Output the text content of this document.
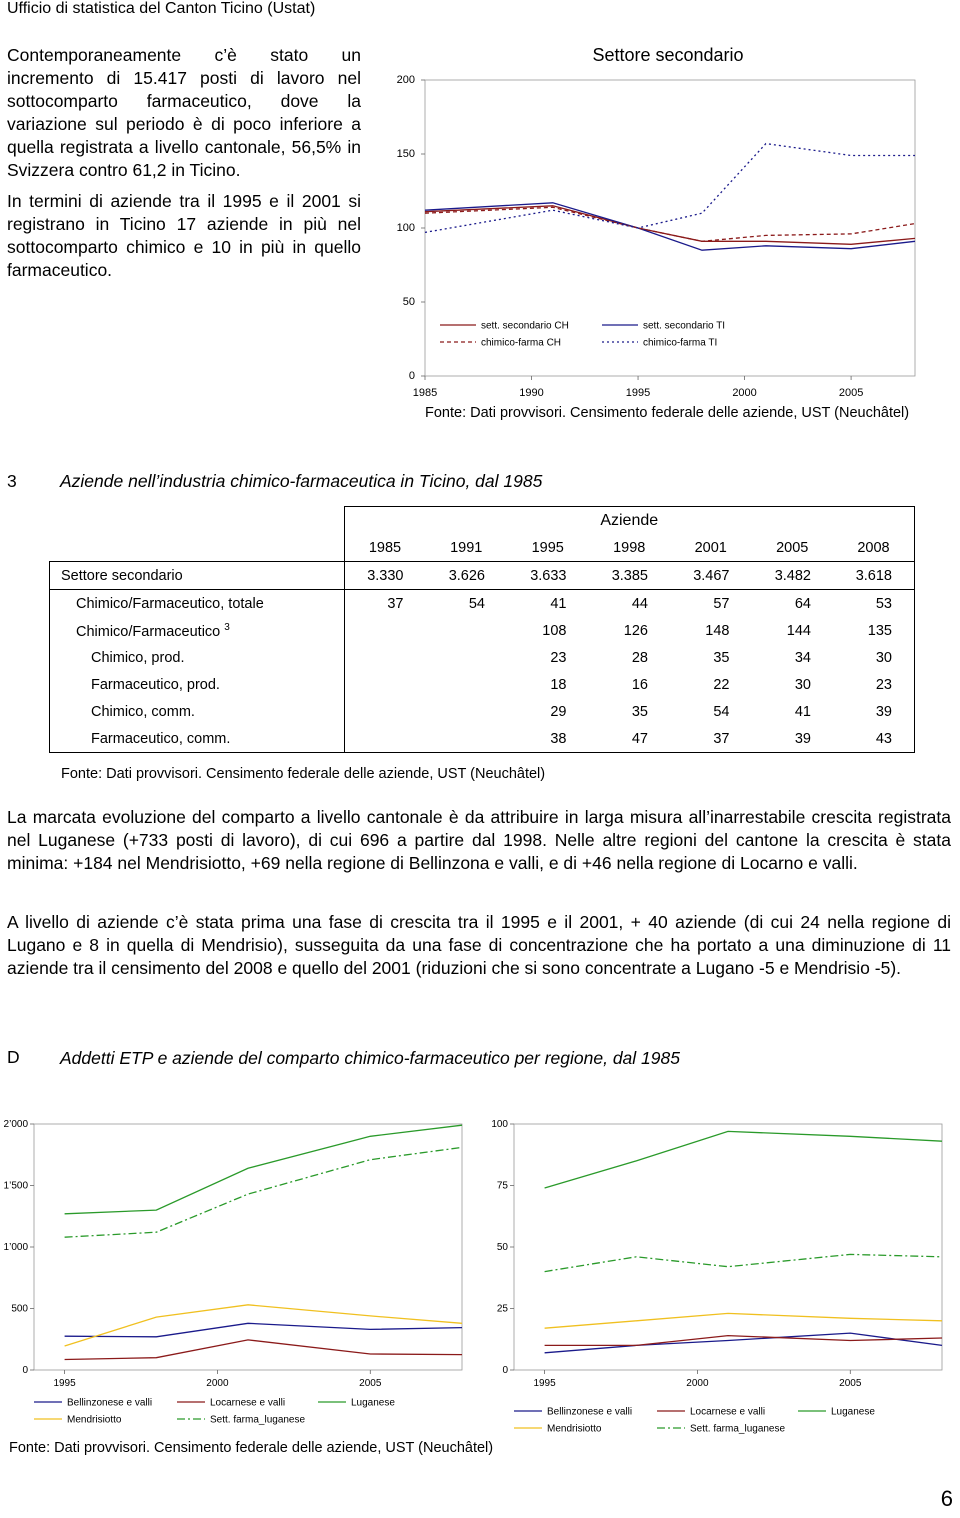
Ufficio di statistica del Canton Ticino (Ustat)
Contemporaneamente c’è stato un incremento di 15.417 posti di lavoro nel sottocomparto farmaceutico, dove la variazione sul periodo è di poco inferiore a quella registrata a livello cantonale, 56,5% in Svizzera contro 61,2 in Ticino.
In termini di aziende tra il 1995 e il 2001 si registrano in Ticino 17 aziende in più nel sottocomparto chimico e 10 in più in quello farmaceutico.
Settore secondario
0
50
100
150
200
1985	1990	1995	2000	2005
sett. secondario CH	sett. secondario TI
chimico-farma CH	chimico-farma TI
Fonte: Dati provvisori. Censimento federale delle aziende, UST (Neuchâtel)
3 Aziende nell’industria chimico-farmaceutica in Ticino, dal 1985
	Aziende						
	1985	1991	1995	1998	2001	2005	2008
Settore secondario	3.330	3.626	3.633	3.385	3.467	3.482	3.618
Chimico/Farmaceutico, totale	37	54	41	44	57	64	53
Chimico/Farmaceutico $^3$			108	126	148	144	135
Chimico, prod.			23	28	35	34	30
Farmaceutico, prod.			18	16	22	30	23
Chimico, comm.			29	35	54	41	39
Farmaceutico, comm.			38	47	37	39	43
Fonte: Dati provvisori. Censimento federale delle aziende, UST (Neuchâtel)
La marcata evoluzione del comparto a livello cantonale è da attribuire in larga misura all’inarrestabile crescita registrata nel Luganese (+733 posti di lavoro), di cui 696 a partire dal 1998. Nelle altre regioni del cantone la crescita è stata minima: +184 nel Mendrisiotto, +69 nella regione di Bellinzona e valli, e di +46 nella regione di Locarno e valli.
A livello di aziende c’è stata prima una fase di crescita tra il 1995 e il 2001, + 40 aziende (di cui 24 nella regione di Lugano e 8 in quella di Mendrisio), susseguita da una fase di concentrazione che ha portato a una diminuzione di 11 aziende tra il censimento del 2008 e quello del 2001 (riduzioni che si sono concentrate a Lugano -5 e Mendrisio -5).
D Addetti ETP e aziende del comparto chimico-farmaceutico per regione, dal 1985
0
500
1’000
1’500
2’000
1995	2000	2005
Bellinzonese e valli	Locarnese e valli	Luganese
Mendrisiotto	Sett. farma_luganese
0
25
50
75
100
1995	2000	2005
Bellinzonese e valli	Locarnese e valli	Luganese
Mendrisiotto	Sett. farma_luganese
Fonte: Dati provvisori. Censimento federale delle aziende, UST (Neuchâtel)
6
